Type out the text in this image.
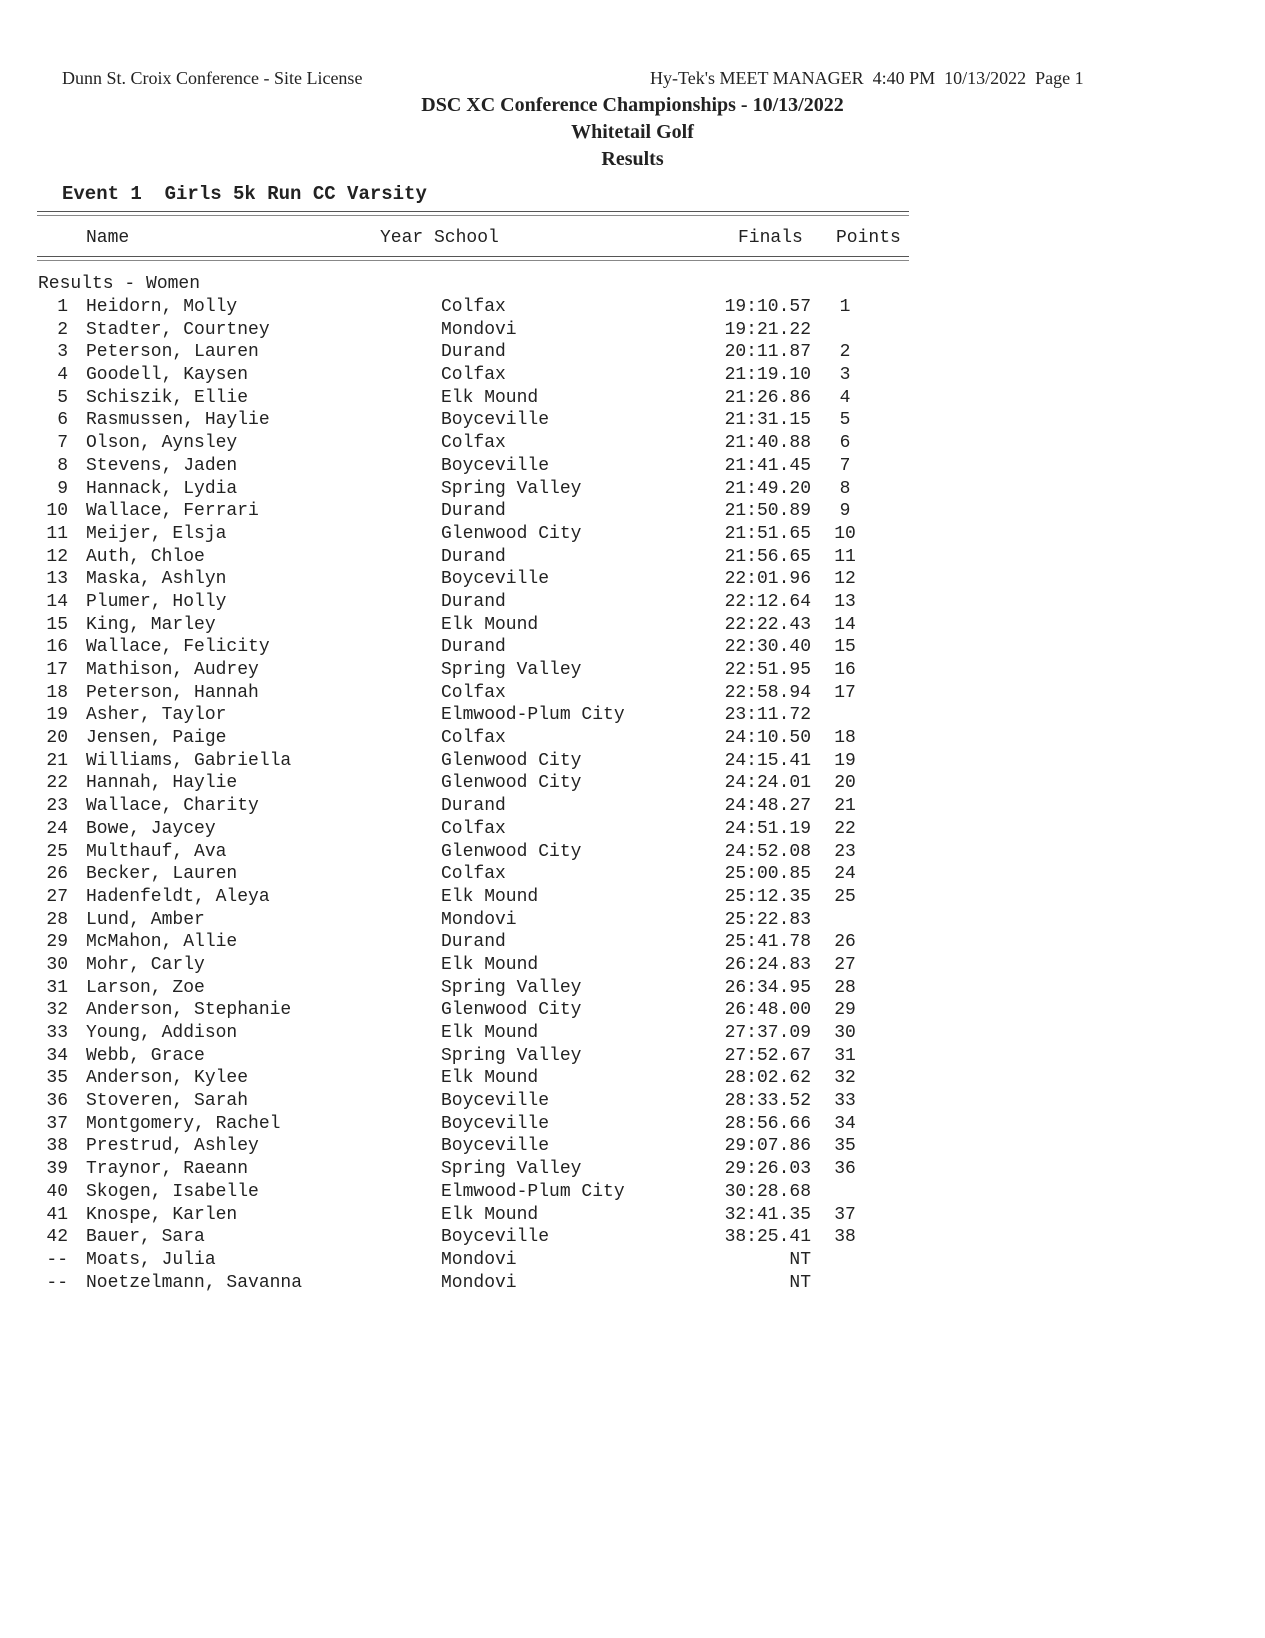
Dunn St. Croix Conference - Site License	Hy-Tek's MEET MANAGER  4:40 PM  10/13/2022  Page 1
DSC XC Conference Championships - 10/13/2022
Whitetail Golf
Results
Event 1  Girls 5k Run CC Varsity
Name	Year School	Finals Points
Results - Women
1 Heidorn, Molly	Colfax	19:10.57	1
2 Stadter, Courtney	Mondovi	19:21.22
3 Peterson, Lauren	Durand	20:11.87	2
4 Goodell, Kaysen	Colfax	21:19.10	3
5 Schiszik, Ellie	Elk Mound	21:26.86	4
6 Rasmussen, Haylie	Boyceville	21:31.15	5
7 Olson, Aynsley	Colfax	21:40.88	6
8 Stevens, Jaden	Boyceville	21:41.45	7
9 Hannack, Lydia	Spring Valley	21:49.20	8
10 Wallace, Ferrari	Durand	21:50.89	9
11 Meijer, Elsja	Glenwood City	21:51.65	10
12 Auth, Chloe	Durand	21:56.65	11
13 Maska, Ashlyn	Boyceville	22:01.96	12
14 Plumer, Holly	Durand	22:12.64	13
15 King, Marley	Elk Mound	22:22.43	14
16 Wallace, Felicity	Durand	22:30.40	15
17 Mathison, Audrey	Spring Valley	22:51.95	16
18 Peterson, Hannah	Colfax	22:58.94	17
19 Asher, Taylor	Elmwood-Plum City	23:11.72
20 Jensen, Paige	Colfax	24:10.50	18
21 Williams, Gabriella	Glenwood City	24:15.41	19
22 Hannah, Haylie	Glenwood City	24:24.01	20
23 Wallace, Charity	Durand	24:48.27	21
24 Bowe, Jaycey	Colfax	24:51.19	22
25 Multhauf, Ava	Glenwood City	24:52.08	23
26 Becker, Lauren	Colfax	25:00.85	24
27 Hadenfeldt, Aleya	Elk Mound	25:12.35	25
28 Lund, Amber	Mondovi	25:22.83
29 McMahon, Allie	Durand	25:41.78	26
30 Mohr, Carly	Elk Mound	26:24.83	27
31 Larson, Zoe	Spring Valley	26:34.95	28
32 Anderson, Stephanie	Glenwood City	26:48.00	29
33 Young, Addison	Elk Mound	27:37.09	30
34 Webb, Grace	Spring Valley	27:52.67	31
35 Anderson, Kylee	Elk Mound	28:02.62	32
36 Stoveren, Sarah	Boyceville	28:33.52	33
37 Montgomery, Rachel	Boyceville	28:56.66	34
38 Prestrud, Ashley	Boyceville	29:07.86	35
39 Traynor, Raeann	Spring Valley	29:26.03	36
40 Skogen, Isabelle	Elmwood-Plum City	30:28.68
41 Knospe, Karlen	Elk Mound	32:41.35	37
42 Bauer, Sara	Boyceville	38:25.41	38
-- Moats, Julia	Mondovi	NT
-- Noetzelmann, Savanna	Mondovi	NT
